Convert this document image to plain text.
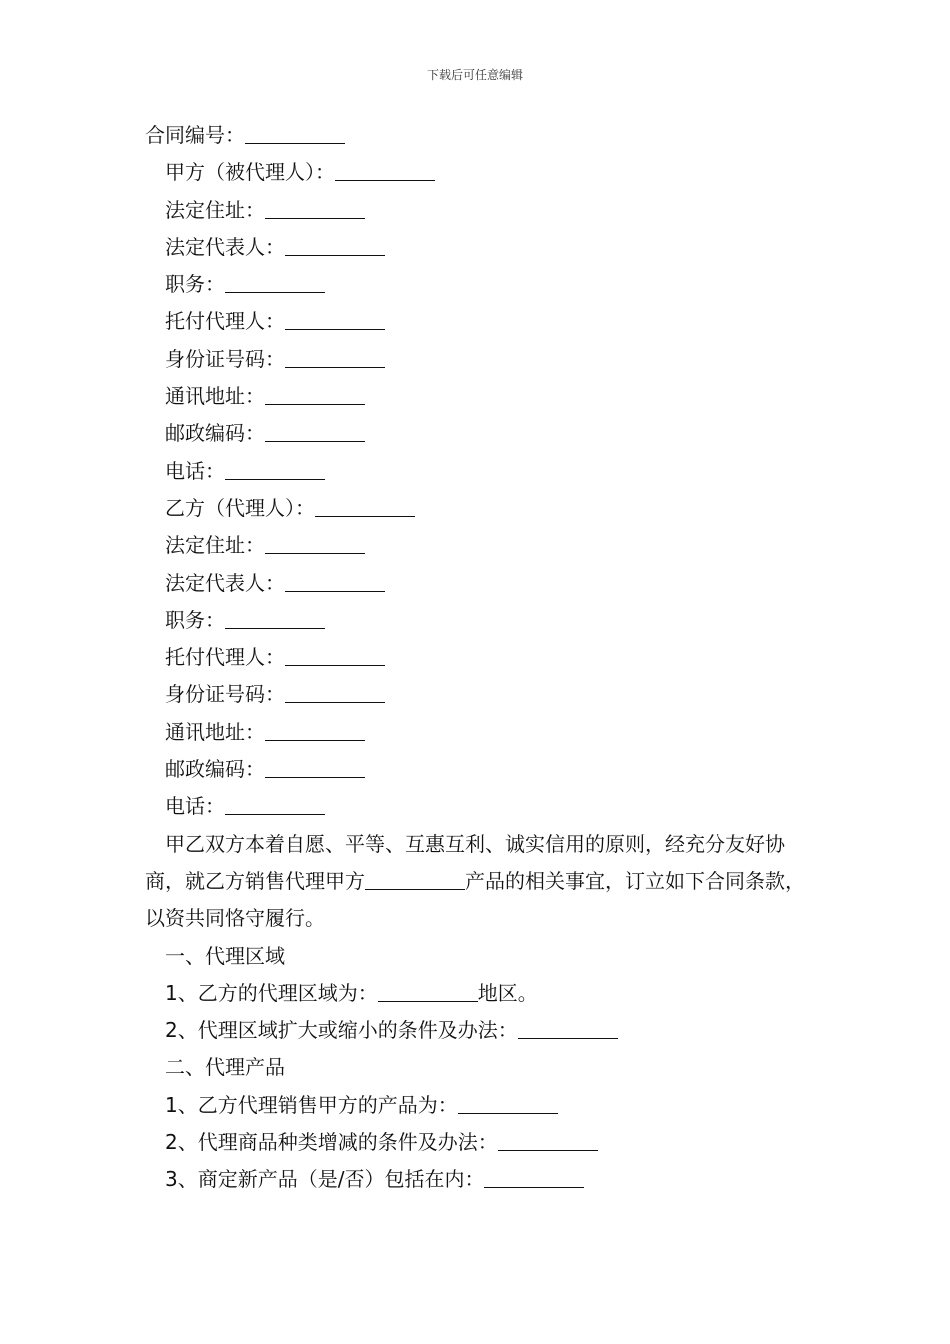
下载后可任意编辑
合同编号：
甲方（被代理人）：
法定住址：
法定代表人：
职务：
托付代理人：
身份证号码：
通讯地址：
邮政编码：
电话：
乙方（代理人）：
法定住址：
法定代表人：
职务：
托付代理人：
身份证号码：
通讯地址：
邮政编码：
电话：
甲乙双方本着自愿、平等、互惠互利、诚实信用的原则，经充分友好协商，就乙方销售代理甲方	产品的相关事宜，订立如下合同条款，以资共同恪守履行。
一、代理区域
1、乙方的代理区域为：	地区。
2、代理区域扩大或缩小的条件及办法：
二、代理产品
1、乙方代理销售甲方的产品为：
2、代理商品种类增减的条件及办法：
3、商定新产品（是/否）包括在内：
